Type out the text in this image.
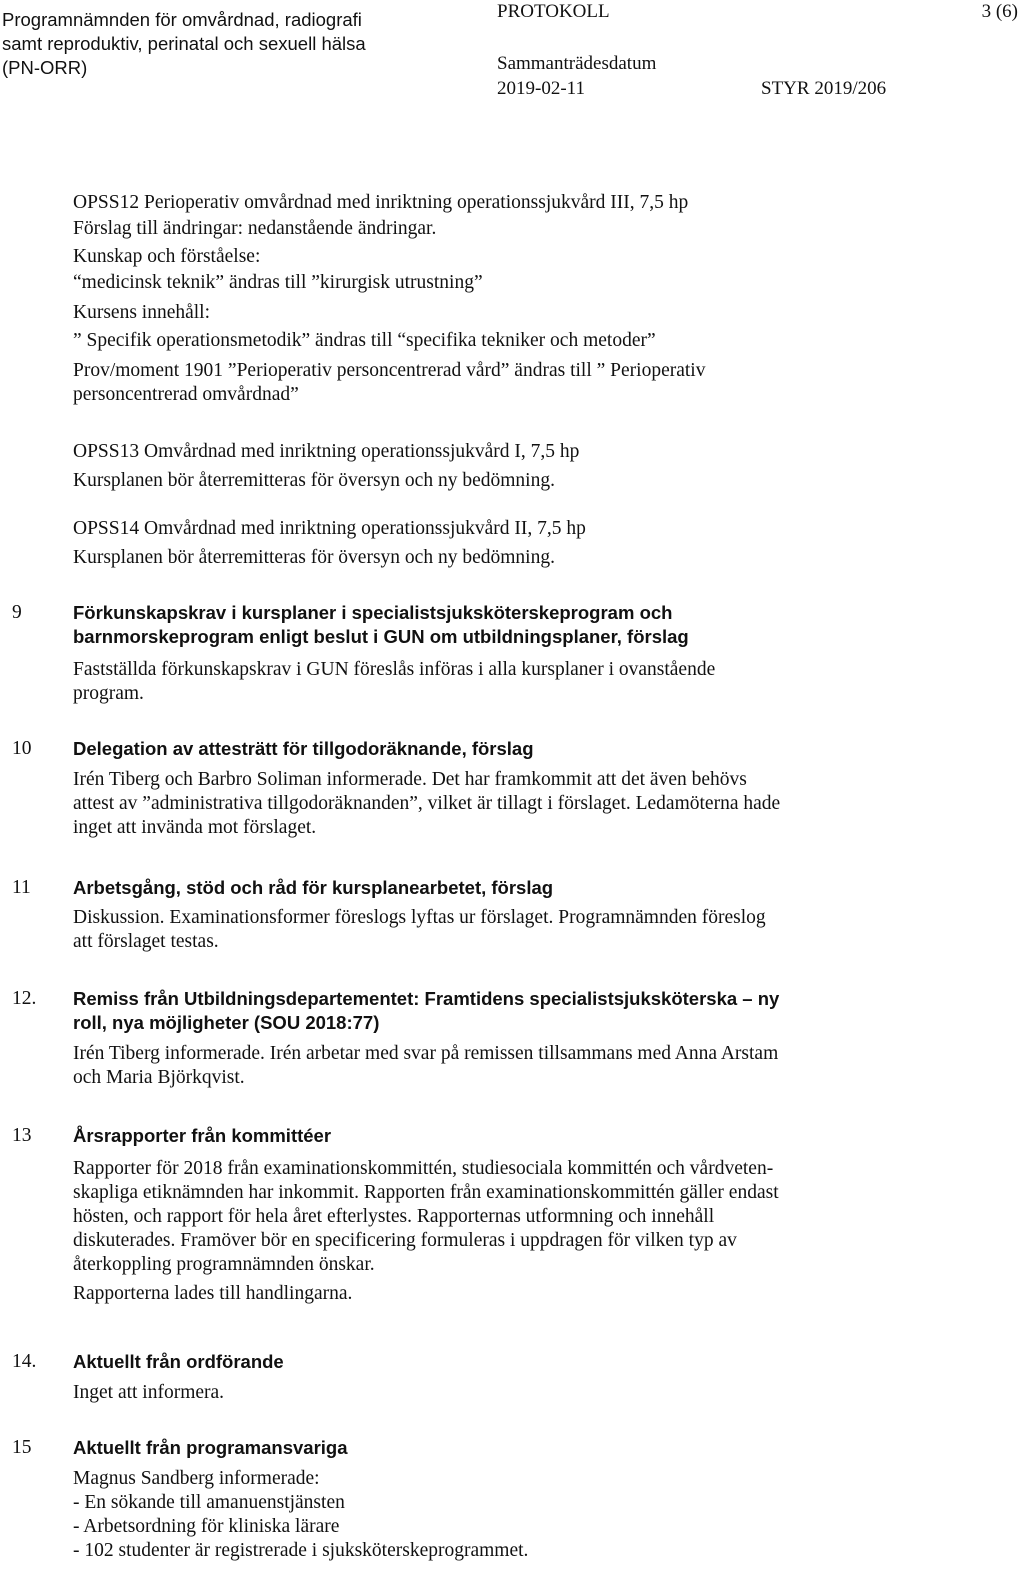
Programnämnden för omvårdnad, radiografi
samt reproduktiv, perinatal och sexuell hälsa
(PN-ORR)
PROTOKOLL	3 (6)
Sammanträdesdatum
2019-02-11	STYR 2019/206

OPSS12 Perioperativ omvårdnad med inriktning operationssjukvård III, 7,5 hp

Förslag till ändringar: nedanstående ändringar.

Kunskap och förståelse:

“medicinsk teknik” ändras till ”kirurgisk utrustning”

Kursens innehåll:

” Specifik operationsmetodik” ändras till “specifika tekniker och metoder”

Prov/moment 1901 ”Perioperativ personcentrerad vård” ändras till ” Perioperativ

personcentrerad omvårdnad”

OPSS13 Omvårdnad med inriktning operationssjukvård I, 7,5 hp

Kursplanen bör återremitteras för översyn och ny bedömning.

OPSS14 Omvårdnad med inriktning operationssjukvård II, 7,5 hp

Kursplanen bör återremitteras för översyn och ny bedömning.

9	Förkunskapskrav i kursplaner i specialistsjuksköterskeprogram och
barnmorskeprogram enligt beslut i GUN om utbildningsplaner, förslag

Fastställda förkunskapskrav i GUN föreslås införas i alla kursplaner i ovanstående

program.

10 Delegation av attesträtt för tillgodoräknande, förslag

Irén Tiberg och Barbro Soliman informerade. Det har framkommit att det även behövs

attest av ”administrativa tillgodoräknanden”, vilket är tillagt i förslaget. Ledamöterna hade

inget att invända mot förslaget.

11 Arbetsgång, stöd och råd för kursplanearbetet, förslag

Diskussion. Examinationsformer föreslogs lyftas ur förslaget. Programnämnden föreslog

att förslaget testas.

12. Remiss från Utbildningsdepartementet: Framtidens specialistsjuksköterska – ny
roll, nya möjligheter (SOU 2018:77)

Irén Tiberg informerade. Irén arbetar med svar på remissen tillsammans med Anna Arstam

och Maria Björkqvist.

13 Årsrapporter från kommittéer

Rapporter för 2018 från examinationskommittén, studiesociala kommittén och vårdveten-

skapliga etiknämnden har inkommit. Rapporten från examinationskommittén gäller endast

hösten, och rapport för hela året efterlystes. Rapporternas utformning och innehåll

diskuterades. Framöver bör en specificering formuleras i uppdragen för vilken typ av

återkoppling programnämnden önskar.

Rapporterna lades till handlingarna.

14. Aktuellt från ordförande

Inget att informera.

15 Aktuellt från programansvariga

Magnus Sandberg informerade:

- En sökande till amanuenstjänsten

- Arbetsordning för kliniska lärare

- 102 studenter är registrerade i sjuksköterskeprogrammet.
